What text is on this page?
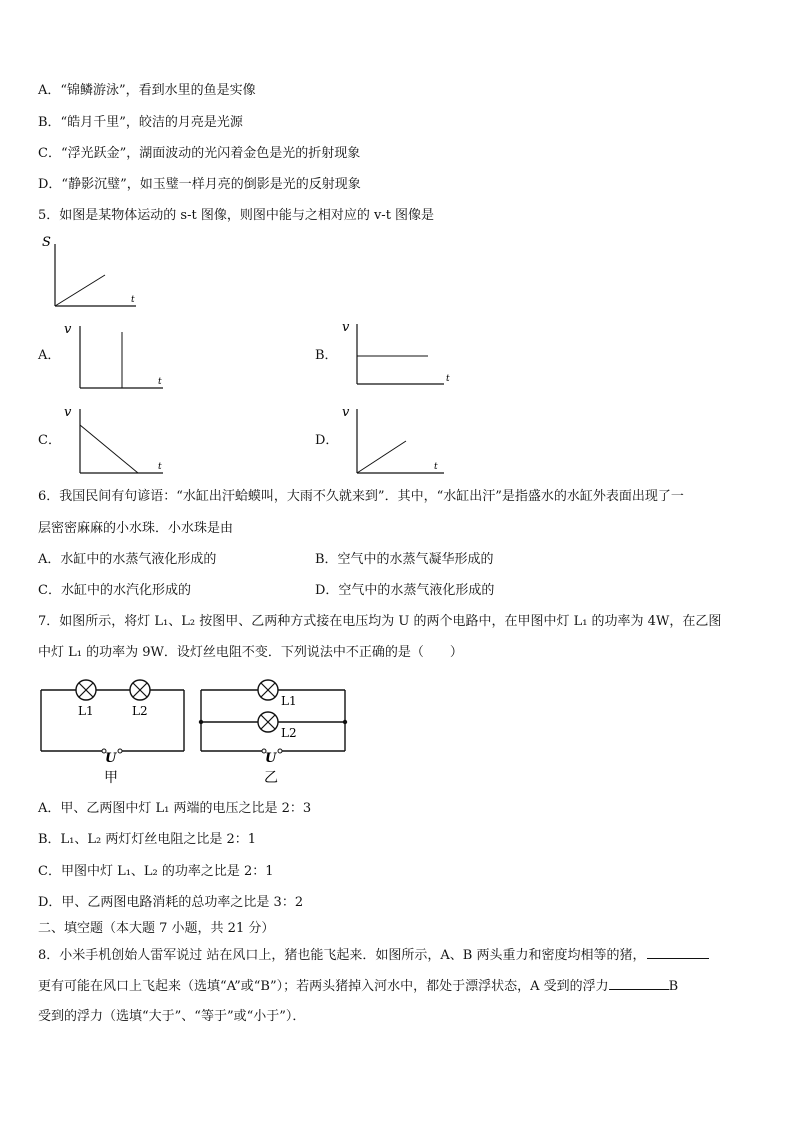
A．“锦鳞游泳”，看到水里的鱼是实像
B．“皓月千里”，皎洁的月亮是光源
C．“浮光跃金”，湖面波动的光闪着金色是光的折射现象
D．“静影沉璧”，如玉璧一样月亮的倒影是光的反射现象
5．如图是某物体运动的 s-t 图像，则图中能与之相对应的 v-t 图像是
S
t
A．
v
t
B．
v
t
C．
v
t
D．
v
t
6．我国民间有句谚语：“水缸出汗蛤蟆叫，大雨不久就来到”．其中，“水缸出汗”是指盛水的水缸外表面出现了一
层密密麻麻的小水珠．小水珠是由
A．水缸中的水蒸气液化形成的	B．空气中的水蒸气凝华形成的
C．水缸中的水汽化形成的	D．空气中的水蒸气液化形成的
7．如图所示，将灯 L₁、L₂ 按图甲、乙两种方式接在电压均为 U 的两个电路中，在甲图中灯 L₁ 的功率为 4W，在乙图
中灯 L₁ 的功率为 9W．设灯丝电阻不变．下列说法中不正确的是（　　）
L1	L2
U
甲
L1
L2
U
乙
A．甲、乙两图中灯 L₁ 两端的电压之比是 2：3
B．L₁、L₂ 两灯灯丝电阻之比是 2：1
C．甲图中灯 L₁、L₂ 的功率之比是 2：1
D．甲、乙两图电路消耗的总功率之比是 3：2
二、填空题（本大题 7 小题，共 21 分）
8．小米手机创始人雷军说过 站在风口上，猪也能飞起来．如图所示，A、B 两头重力和密度均相等的猪，
更有可能在风口上飞起来（选填“A”或“B”）；若两头猪掉入河水中，都处于漂浮状态，A 受到的浮力	B
受到的浮力（选填“大于”、“等于”或“小于”）．
